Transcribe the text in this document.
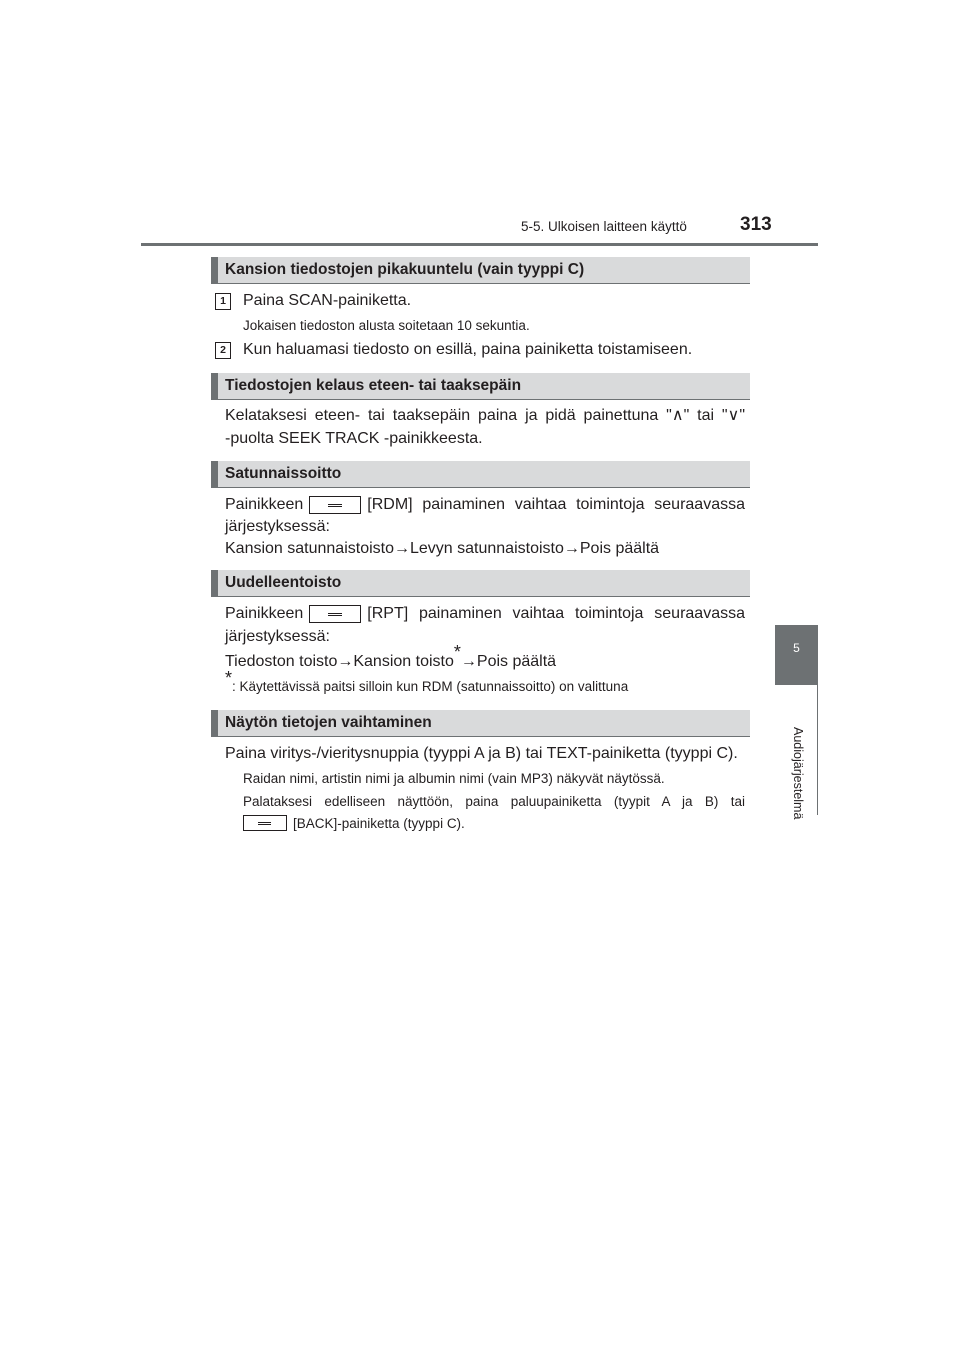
5-5. Ulkoisen laitteen käyttö	313
5
Audiojärjestelmä
Kansion tiedostojen pikakuuntelu (vain tyyppi C)
1	Paina SCAN-painiketta.
Jokaisen tiedoston alusta soitetaan 10 sekuntia.
2	Kun haluamasi tiedosto on esillä, paina painiketta toistamiseen.
Tiedostojen kelaus eteen- tai taaksepäin
Kelataksesi eteen- tai taaksepäin paina ja pidä painettuna "∧" tai "∨"
-puolta SEEK TRACK -painikkeesta.
Satunnaissoitto
Painikkeen	[RDM] painaminen vaihtaa toimintoja seuraavassa
järjestyksessä:
Kansion satunnaistoisto→Levyn satunnaistoisto→Pois päältä
Uudelleentoisto
Painikkeen	[RPT] painaminen vaihtaa toimintoja seuraavassa
järjestyksessä:
Tiedoston toisto→Kansion toisto*→Pois päältä
*: Käytettävissä paitsi silloin kun RDM (satunnaissoitto) on valittuna
Näytön tietojen vaihtaminen
Paina viritys-/vieritysnuppia (tyyppi A ja B) tai TEXT-painiketta (tyyppi C).
Raidan nimi, artistin nimi ja albumin nimi (vain MP3) näkyvät näytössä.
Palataksesi edelliseen näyttöön, paina paluupainiketta (tyypit A ja B) tai
[BACK]-painiketta (tyyppi C).
